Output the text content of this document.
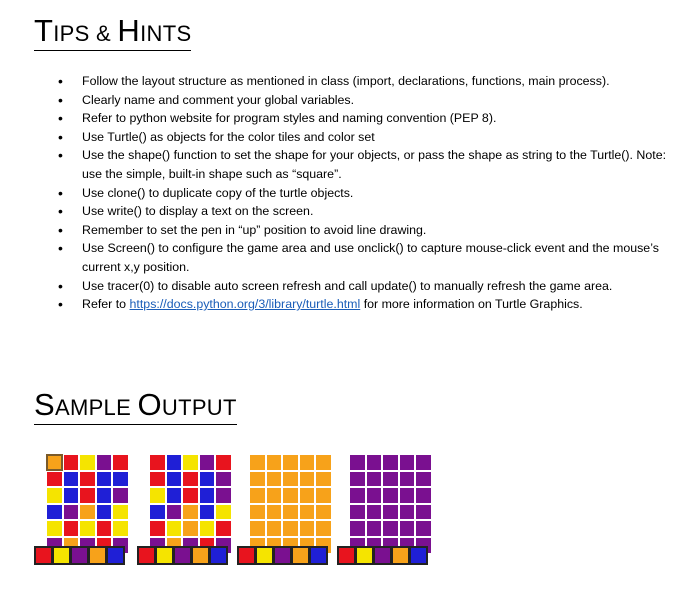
TIPS & HINTS
• Follow the layout structure as mentioned in class (import, declarations, functions, main process).
• Clearly name and comment your global variables.
• Refer to python website for program styles and naming convention (PEP 8).
• Use Turtle() as objects for the color tiles and color set
• Use the shape() function to set the shape for your objects, or pass the shape as string to the Turtle(). Note: use the simple, built-in shape such as “square”.
• Use clone() to duplicate copy of the turtle objects.
• Use write() to display a text on the screen.
• Remember to set the pen in “up” position to avoid line drawing.
• Use Screen() to configure the game area and use onclick() to capture mouse-click event and the mouse’s current x,y position.
• Use tracer(0) to disable auto screen refresh and call update() to manually refresh the game area.
• Refer to https://docs.python.org/3/library/turtle.html for more information on Turtle Graphics.
SAMPLE OUTPUT
